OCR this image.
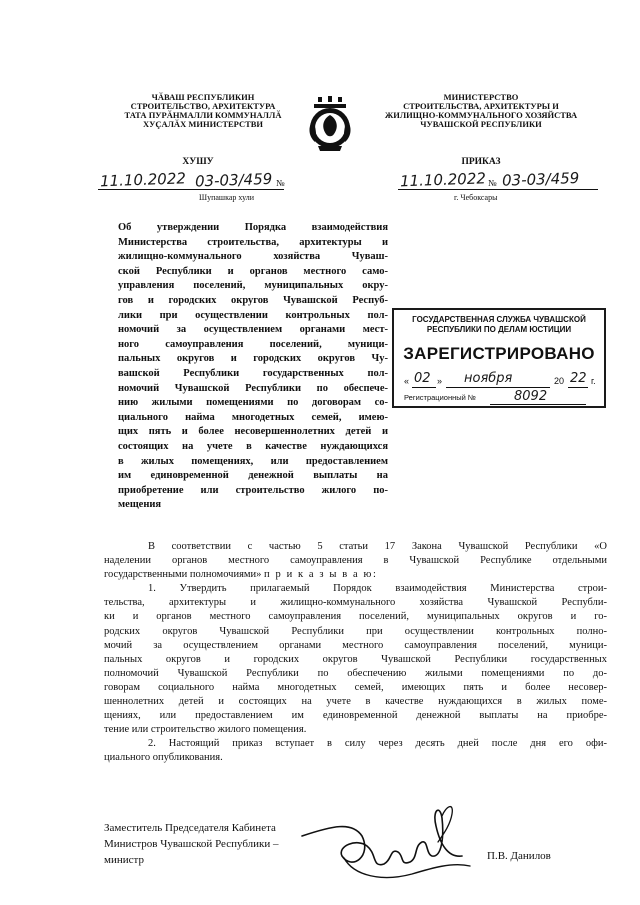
ЧӐВАШ РЕСПУБЛИКИН
СТРОИТЕЛЬСТВО, АРХИТЕКТУРА
ТАТА ПУРӐНМАЛЛИ КОММУНАЛЛӐ
ХУҪАЛӐХ МИНИСТЕРСТВИ
ХУШУ
11.10.2022 03-03/459 №
Шупашкар хули
МИНИСТЕРСТВО
СТРОИТЕЛЬСТВА, АРХИТЕКТУРЫ И
ЖИЛИЩНО-КОММУНАЛЬНОГО ХОЗЯЙСТВА
ЧУВАШСКОЙ РЕСПУБЛИКИ
ПРИКАЗ
11.10.2022 № 03-03/459
г. Чебоксары
Об утверждении Порядка взаимодействия
Министерства строительства, архитектуры и
жилищно-коммунального хозяйства Чуваш-
ской Республики и органов местного само-
управления поселений, муниципальных окру-
гов и городских округов Чувашской Респуб-
лики при осуществлении контрольных пол-
номочий за осуществлением органами мест-
ного самоуправления поселений, муници-
пальных округов и городских округов Чу-
вашской Республики государственных пол-
номочий Чувашской Республики по обеспече-
нию жилыми помещениями по договорам со-
циального найма многодетных семей, имею-
щих пять и более несовершеннолетних детей и
состоящих на учете в качестве нуждающихся
в жилых помещениях, или предоставлением
им единовременной денежной выплаты на
приобретение или строительство жилого по-
мещения
ГОСУДАРСТВЕННАЯ СЛУЖБА ЧУВАШСКОЙ
РЕСПУБЛИКИ ПО ДЕЛАМ ЮСТИЦИИ
ЗАРЕГИСТРИРОВАНО
« 02 » ноября	20 22 г.
Регистрационный №	8092
В соответствии с частью 5 статьи 17 Закона Чувашской Республики «О
наделении органов местного самоуправления в Чувашской Республике отдельными
государственными полномочиями» п р и к а з ы в а ю:
1. Утвердить прилагаемый Порядок взаимодействия Министерства строи-
тельства, архитектуры и жилищно-коммунального хозяйства Чувашской Республи-
ки и органов местного самоуправления поселений, муниципальных округов и го-
родских округов Чувашской Республики при осуществлении контрольных полно-
мочий за осуществлением органами местного самоуправления поселений, муници-
пальных округов и городских округов Чувашской Республики государственных
полномочий Чувашской Республики по обеспечению жилыми помещениями по до-
говорам социального найма многодетных семей, имеющих пять и более несовер-
шеннолетних детей и состоящих на учете в качестве нуждающихся в жилых поме-
щениях, или предоставлением им единовременной денежной выплаты на приобре-
тение или строительство жилого помещения.
2. Настоящий приказ вступает в силу через десять дней после дня его офи-
циального опубликования.
Заместитель Председателя Кабинета
Министров Чувашской Республики –
министр	П.В. Данилов
